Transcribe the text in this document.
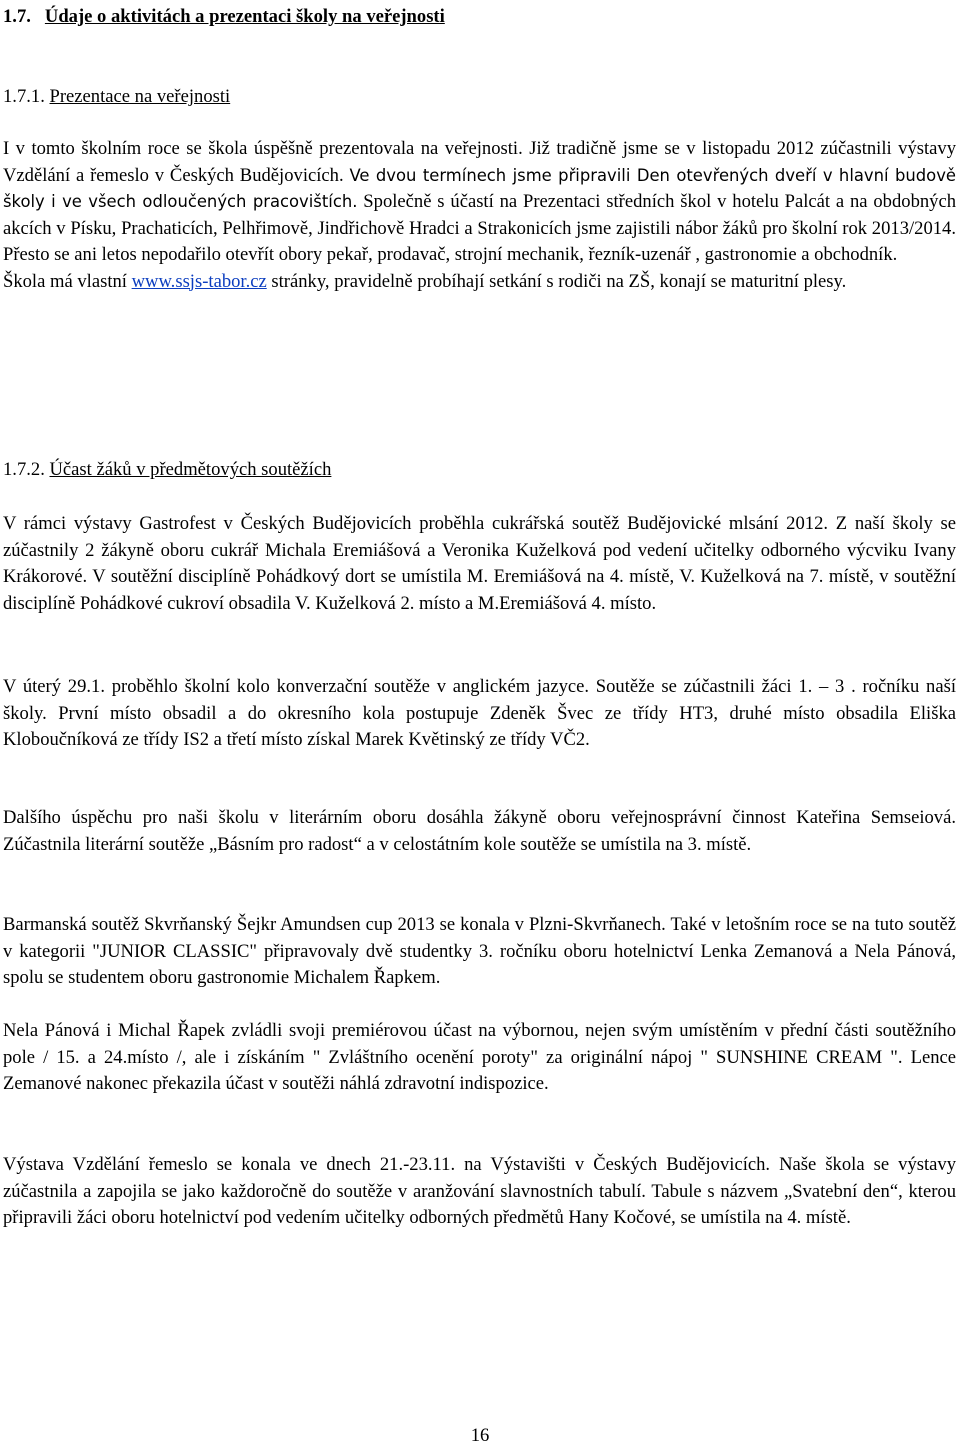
1.7. Údaje o aktivitách a prezentaci školy na veřejnosti
1.7.1. Prezentace na veřejnosti

I v tomto školním roce se škola úspěšně prezentovala na veřejnosti. Již tradičně jsme se v listopadu 2012 zúčastnili výstavy Vzdělání a řemeslo v Českých Budějovicích. Ve dvou termínech jsme připravili Den otevřených dveří v hlavní budově školy i ve všech odloučených pracovištích. Společně s účastí na Prezentaci středních škol v hotelu Palcát a na obdobných akcích v Písku, Prachaticích, Pelhřimově, Jindřichově Hradci a Strakonicích jsme zajistili nábor žáků pro školní rok 2013/2014. Přesto se ani letos nepodařilo otevřít obory pekař, prodavač, strojní mechanik, řezník-uzenář , gastronomie a obchodník.
Škola má vlastní www.ssjs-tabor.cz stránky, pravidelně probíhají setkání s rodiči na ZŠ, konají se maturitní plesy.

1.7.2. Účast žáků v předmětových soutěžích

V rámci výstavy Gastrofest v Českých Budějovicích proběhla cukrářská soutěž Budějovické mlsání 2012. Z naší školy se zúčastnily 2 žákyně oboru cukrář Michala Eremiášová a Veronika Kuželková pod vedení učitelky odborného výcviku Ivany Krákorové. V soutěžní disciplíně Pohádkový dort se umístila M. Eremiášová na 4. místě, V. Kuželková na 7. místě, v soutěžní disciplíně Pohádkové cukroví obsadila V. Kuželková 2. místo a M.Eremiášová 4. místo.

V úterý 29.1. proběhlo školní kolo konverzační soutěže v anglickém jazyce. Soutěže se zúčastnili žáci 1. – 3 . ročníku naší školy. První místo obsadil a do okresního kola postupuje Zdeněk Švec ze třídy HT3, druhé místo obsadila Eliška Kloboučníková ze třídy IS2 a třetí místo získal Marek Květinský ze třídy VČ2.

Dalšího úspěchu pro naši školu v literárním oboru dosáhla žákyně oboru veřejnosprávní činnost Kateřina Semseiová. Zúčastnila literární soutěže „Básním pro radost“ a v celostátním kole soutěže se umístila na 3. místě.

Barmanská soutěž Skvrňanský Šejkr Amundsen cup 2013 se konala v Plzni-Skvrňanech. Také v letošním roce se na tuto soutěž v kategorii "JUNIOR CLASSIC" připravovaly dvě studentky 3. ročníku oboru hotelnictví Lenka Zemanová a Nela Pánová, spolu se studentem oboru gastronomie Michalem Řapkem.

Nela Pánová i Michal Řapek zvládli svoji premiérovou účast na výbornou, nejen svým umístěním v přední části soutěžního pole / 15. a 24.místo /, ale i získáním " Zvláštního ocenění poroty" za originální nápoj " SUNSHINE CREAM ". Lence Zemanové nakonec překazila účast v soutěži náhlá zdravotní indispozice.

Výstava Vzdělání řemeslo se konala ve dnech 21.-23.11. na Výstavišti v Českých Budějovicích. Naše škola se výstavy zúčastnila a zapojila se jako každoročně do soutěže v aranžování slavnostních tabulí. Tabule s názvem „Svatební den“, kterou připravili žáci oboru hotelnictví pod vedením učitelky odborných předmětů Hany Kočové, se umístila na 4. místě.

16
